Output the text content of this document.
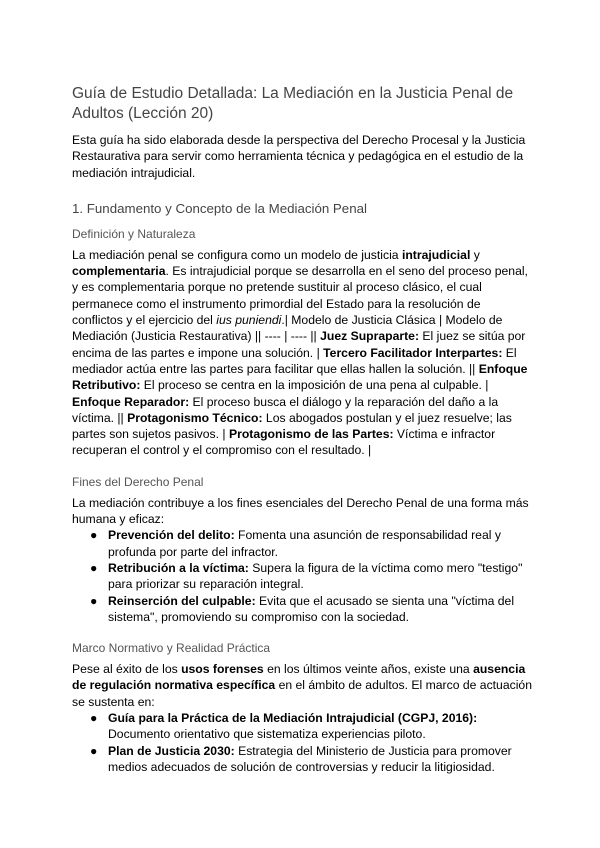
Guía de Estudio Detallada: La Mediación en la Justicia Penal de Adultos (Lección 20)

Esta guía ha sido elaborada desde la perspectiva del Derecho Procesal y la Justicia Restaurativa para servir como herramienta técnica y pedagógica en el estudio de la mediación intrajudicial.

1. Fundamento y Concepto de la Mediación Penal
Definición y Naturaleza

La mediación penal se configura como un modelo de justicia intrajudicial y complementaria. Es intrajudicial porque se desarrolla en el seno del proceso penal, y es complementaria porque no pretende sustituir al proceso clásico, el cual permanece como el instrumento primordial del Estado para la resolución de conflictos y el ejercicio del ius puniendi.| Modelo de Justicia Clásica | Modelo de Mediación (Justicia Restaurativa) || ---- | ---- || Juez Supraparte: El juez se sitúa por encima de las partes e impone una solución. | Tercero Facilitador Interpartes: El mediador actúa entre las partes para facilitar que ellas hallen la solución. || Enfoque Retributivo: El proceso se centra en la imposición de una pena al culpable. | Enfoque Reparador: El proceso busca el diálogo y la reparación del daño a la víctima. || Protagonismo Técnico: Los abogados postulan y el juez resuelve; las partes son sujetos pasivos. | Protagonismo de las Partes: Víctima e infractor recuperan el control y el compromiso con el resultado. |

Fines del Derecho Penal

La mediación contribuye a los fines esenciales del Derecho Penal de una forma más humana y eficaz:

● Prevención del delito: Fomenta una asunción de responsabilidad real y profunda por parte del infractor.
● Retribución a la víctima: Supera la figura de la víctima como mero "testigo" para priorizar su reparación integral.
● Reinserción del culpable: Evita que el acusado se sienta una "víctima del sistema", promoviendo su compromiso con la sociedad.
Marco Normativo y Realidad Práctica

Pese al éxito de los usos forenses en los últimos veinte años, existe una ausencia de regulación normativa específica en el ámbito de adultos. El marco de actuación se sustenta en:

● Guía para la Práctica de la Mediación Intrajudicial (CGPJ, 2016): Documento orientativo que sistematiza experiencias piloto.
● Plan de Justicia 2030: Estrategia del Ministerio de Justicia para promover medios adecuados de solución de controversias y reducir la litigiosidad.
